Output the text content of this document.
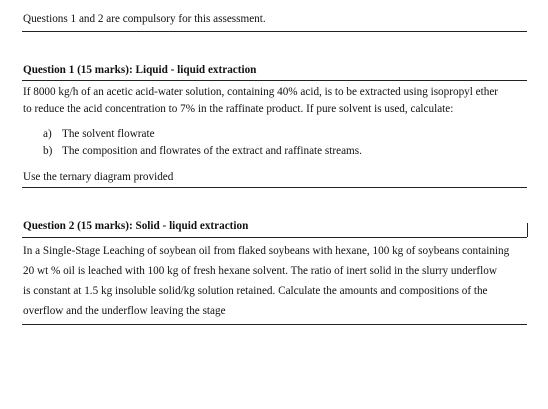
Questions 1 and 2 are compulsory for this assessment.
Question 1 (15 marks): Liquid - liquid extraction
If 8000 kg/h of an acetic acid-water solution, containing 40% acid, is to be extracted using isopropyl ether
to reduce the acid concentration to 7% in the raffinate product. If pure solvent is used, calculate:
a) The solvent flowrate
b) The composition and flowrates of the extract and raffinate streams.
Use the ternary diagram provided
Question 2 (15 marks): Solid - liquid extraction
In a Single-Stage Leaching of soybean oil from flaked soybeans with hexane, 100 kg of soybeans containing
20 wt % oil is leached with 100 kg of fresh hexane solvent. The ratio of inert solid in the slurry underflow
is constant at 1.5 kg insoluble solid/kg solution retained. Calculate the amounts and compositions of the
overflow and the underflow leaving the stage
